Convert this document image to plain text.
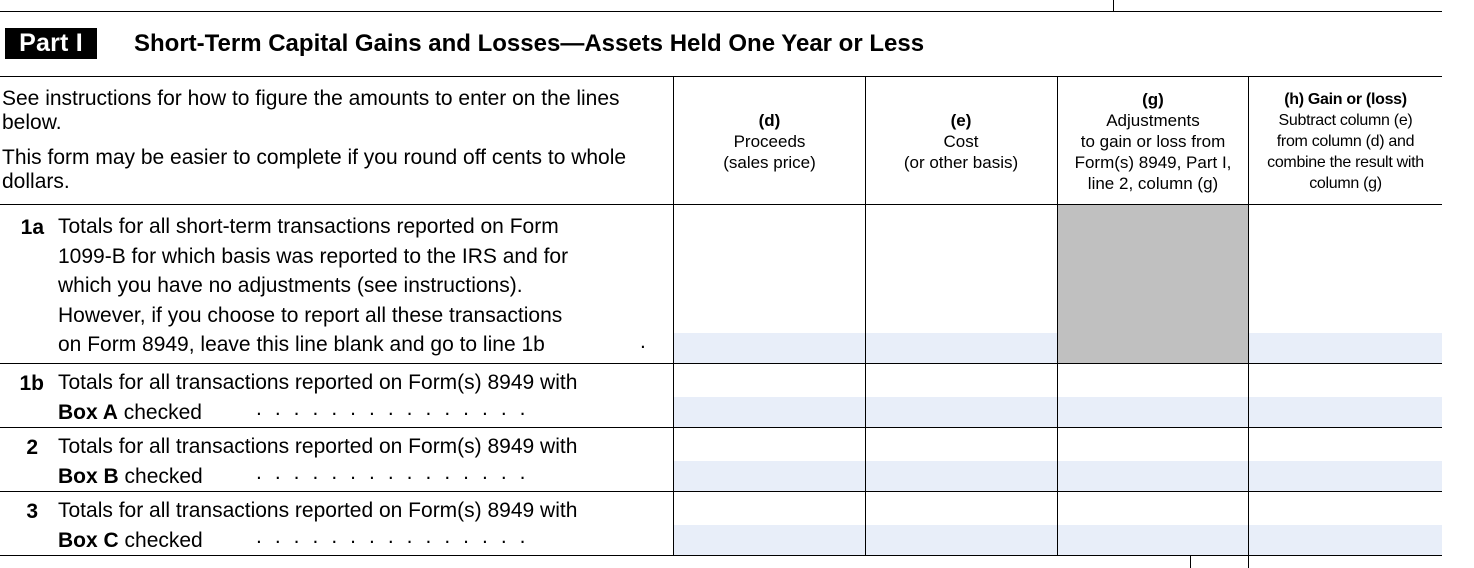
Part I	Short-Term Capital Gains and Losses—Assets Held One Year or Less
See instructions for how to figure the amounts to enter on the lines below.
This form may be easier to complete if you round off cents to whole dollars.
(d)
Proceeds
(sales price)
(e)
Cost
(or other basis)
(g)
Adjustments
to gain or loss from
Form(s) 8949, Part I,
line 2, column (g)
(h) Gain or (loss)
Subtract column (e)
from column (d) and
combine the result with
column (g)
1a Totals for all short-term transactions reported on Form
1099-B for which basis was reported to the IRS and for
which you have no adjustments (see instructions).
However, if you choose to report all these transactions
on Form 8949, leave this line blank and go to line 1b	.
1b Totals for all transactions reported on Form(s) 8949 with
Box A checked	...............
2 Totals for all transactions reported on Form(s) 8949 with
Box B checked	...............
3 Totals for all transactions reported on Form(s) 8949 with
Box C checked	...............
